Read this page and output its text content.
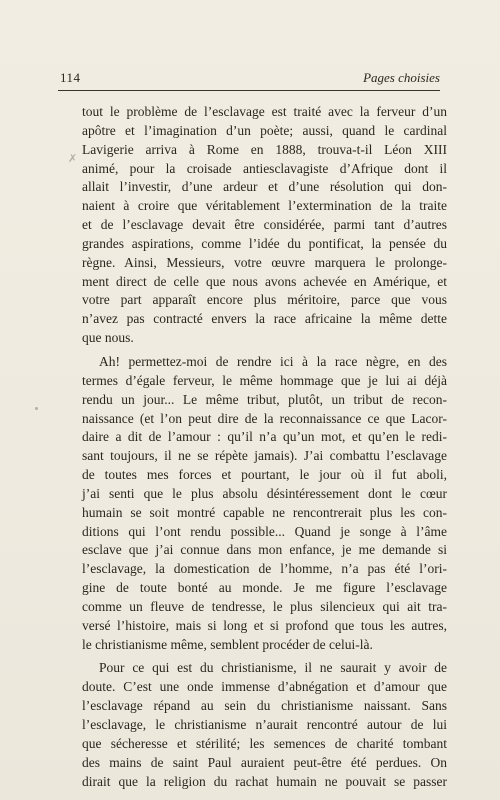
114	Pages choisies
✗

tout le problème de l’esclavage est traité avec la ferveur d’un
apôtre et l’imagination d’un poète; aussi, quand le cardinal
Lavigerie arriva à Rome en 1888, trouva-t-il Léon XIII
animé, pour la croisade antiesclavagiste d’Afrique dont il
allait l’investir, d’une ardeur et d’une résolution qui don-
naient à croire que véritablement l’extermination de la traite
et de l’esclavage devait être considérée, parmi tant d’autres
grandes aspirations, comme l’idée du pontificat, la pensée du
règne. Ainsi, Messieurs, votre œuvre marquera le prolonge-
ment direct de celle que nous avons achevée en Amérique, et
votre part apparaît encore plus méritoire, parce que vous
n’avez pas contracté envers la race africaine la même dette
que nous.

Ah! permettez-moi de rendre ici à la race nègre, en des
termes d’égale ferveur, le même hommage que je lui ai déjà
rendu un jour... Le même tribut, plutôt, un tribut de recon-
naissance (et l’on peut dire de la reconnaissance ce que Lacor-
daire a dit de l’amour : qu’il n’a qu’un mot, et qu’en le redi-
sant toujours, il ne se répète jamais). J’ai combattu l’esclavage
de toutes mes forces et pourtant, le jour où il fut aboli,
j’ai senti que le plus absolu désintéressement dont le cœur
humain se soit montré capable ne rencontrerait plus les con-
ditions qui l’ont rendu possible... Quand je songe à l’âme
esclave que j’ai connue dans mon enfance, je me demande si
l’esclavage, la domestication de l’homme, n’a pas été l’ori-
gine de toute bonté au monde. Je me figure l’esclavage
comme un fleuve de tendresse, le plus silencieux qui ait tra-
versé l’histoire, mais si long et si profond que tous les autres,
le christianisme même, semblent procéder de celui-là.

Pour ce qui est du christianisme, il ne saurait y avoir de
doute. C’est une onde immense d’abnégation et d’amour que
l’esclavage répand au sein du christianisme naissant. Sans
l’esclavage, le christianisme n’aurait rencontré autour de lui
que sécheresse et stérilité; les semences de charité tombant
des mains de saint Paul auraient peut-être été perdues. On
dirait que la religion du rachat humain ne pouvait se passer
